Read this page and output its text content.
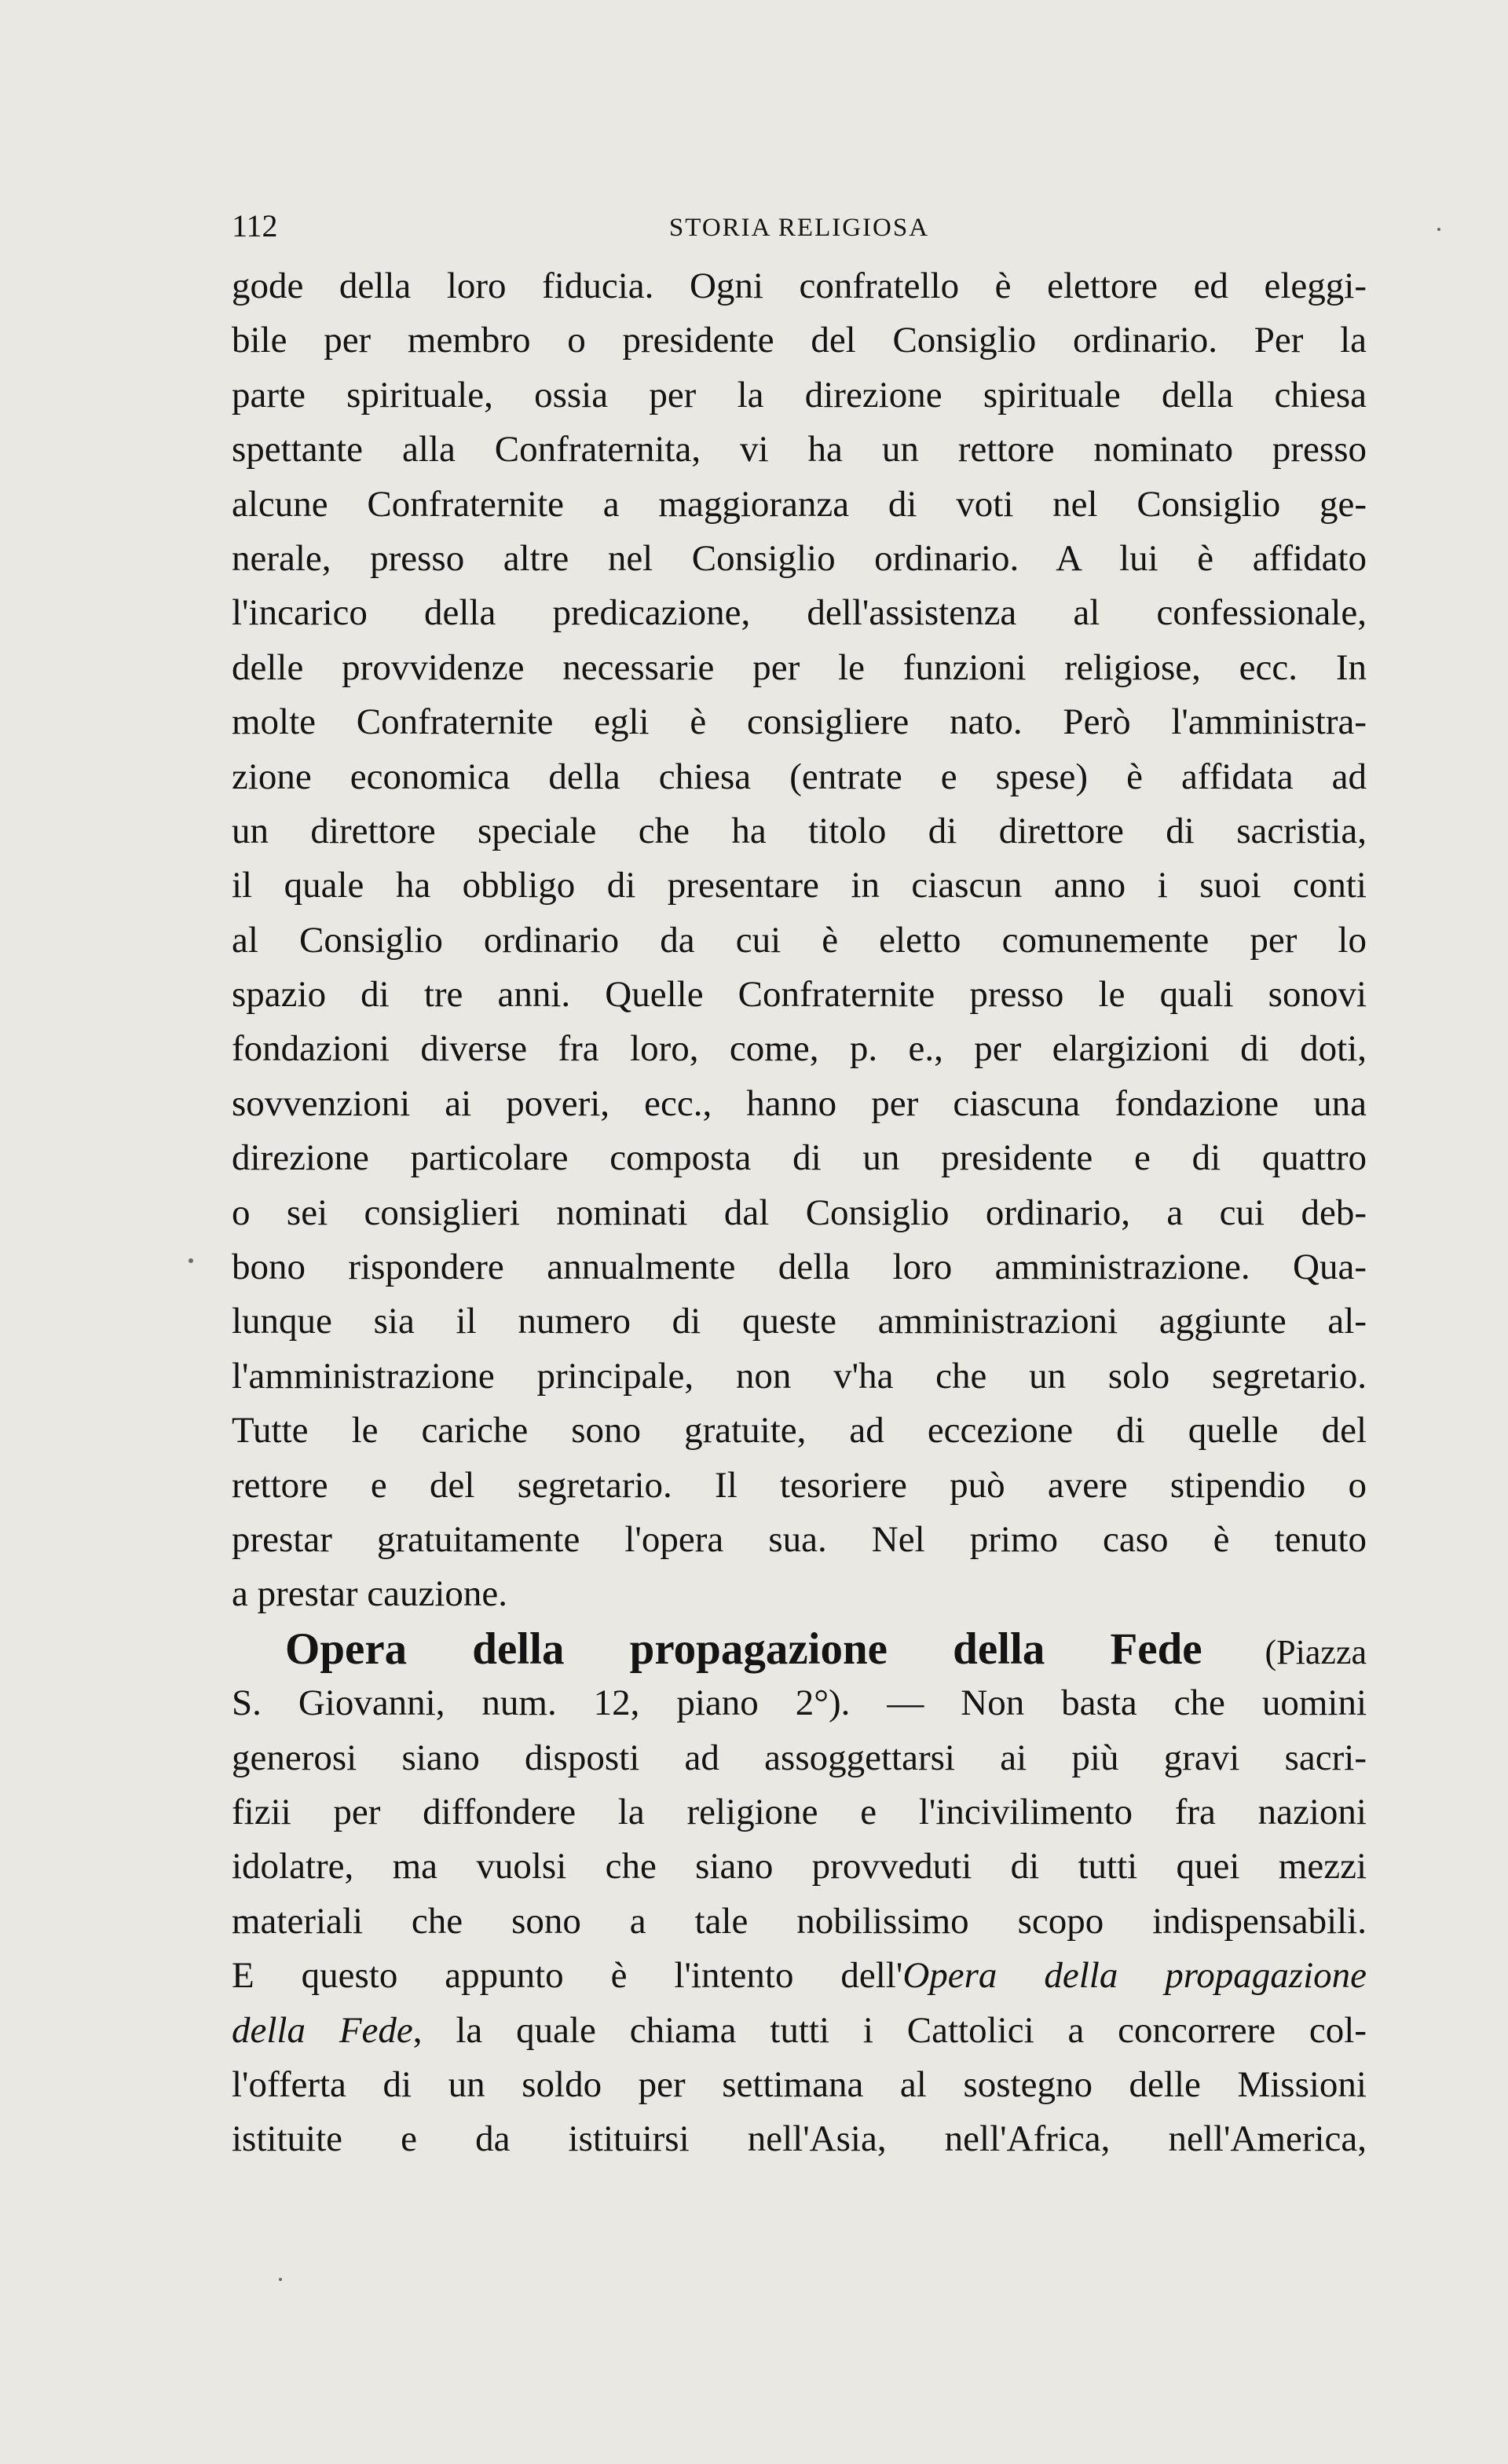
112	STORIA RELIGIOSA
gode della loro fiducia. Ogni confratello è elettore ed eleggi-
bile per membro o presidente del Consiglio ordinario. Per la
parte spirituale, ossia per la direzione spirituale della chiesa
spettante alla Confraternita, vi ha un rettore nominato presso
alcune Confraternite a maggioranza di voti nel Consiglio ge-
nerale, presso altre nel Consiglio ordinario. A lui è affidato
l'incarico della predicazione, dell'assistenza al confessionale,
delle provvidenze necessarie per le funzioni religiose, ecc. In
molte Confraternite egli è consigliere nato. Però l'amministra-
zione economica della chiesa (entrate e spese) è affidata ad
un direttore speciale che ha titolo di direttore di sacristia,
il quale ha obbligo di presentare in ciascun anno i suoi conti
al Consiglio ordinario da cui è eletto comunemente per lo
spazio di tre anni. Quelle Confraternite presso le quali sonovi
fondazioni diverse fra loro, come, p. e., per elargizioni di doti,
sovvenzioni ai poveri, ecc., hanno per ciascuna fondazione una
direzione particolare composta di un presidente e di quattro
o sei consiglieri nominati dal Consiglio ordinario, a cui deb-
bono rispondere annualmente della loro amministrazione. Qua-
lunque sia il numero di queste amministrazioni aggiunte al-
l'amministrazione principale, non v'ha che un solo segretario.
Tutte le cariche sono gratuite, ad eccezione di quelle del
rettore e del segretario. Il tesoriere può avere stipendio o
prestar gratuitamente l'opera sua. Nel primo caso è tenuto
a prestar cauzione.
Opera della propagazione della Fede (Piazza
S. Giovanni, num. 12, piano 2°). — Non basta che uomini
generosi siano disposti ad assoggettarsi ai più gravi sacri-
fizii per diffondere la religione e l'incivilimento fra nazioni
idolatre, ma vuolsi che siano provveduti di tutti quei mezzi
materiali che sono a tale nobilissimo scopo indispensabili.
E questo appunto è l'intento dell'Opera della propagazione
della Fede, la quale chiama tutti i Cattolici a concorrere col-
l'offerta di un soldo per settimana al sostegno delle Missioni
istituite e da istituirsi nell'Asia, nell'Africa, nell'America,
